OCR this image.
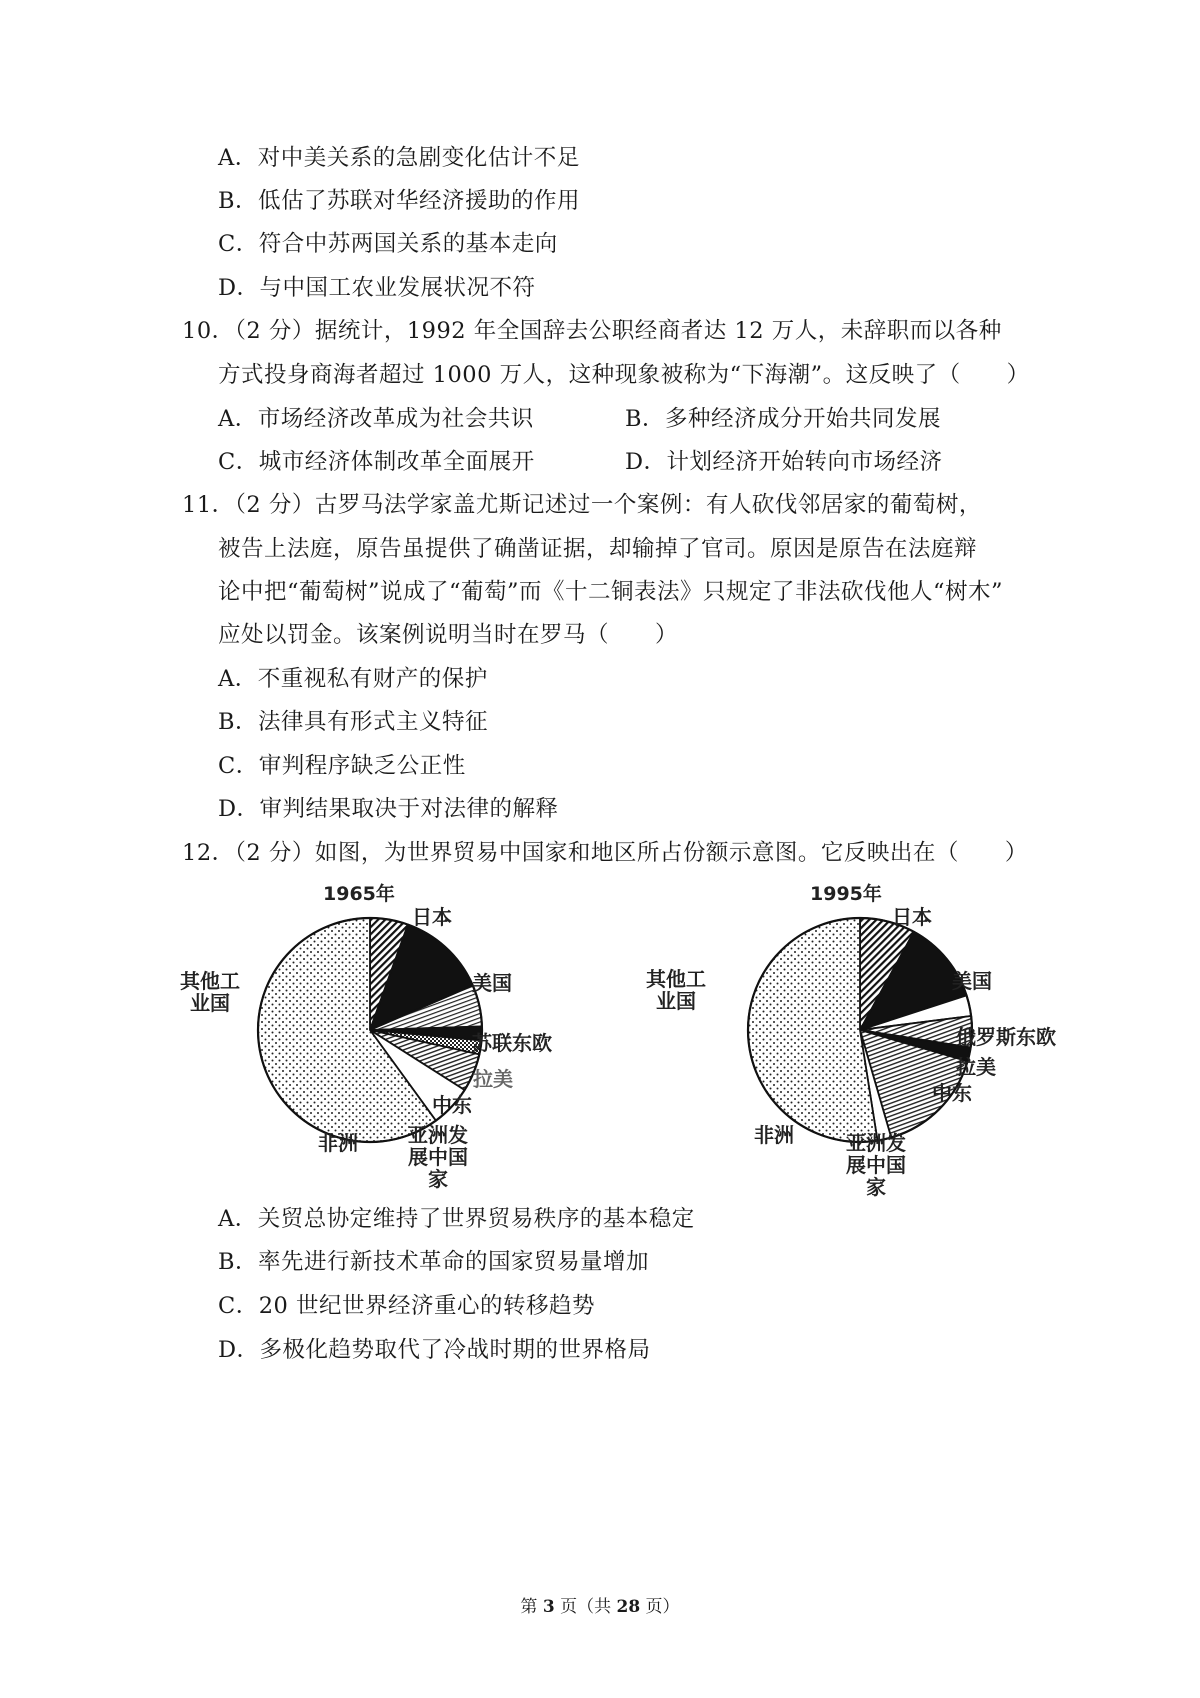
A．对中美关系的急剧变化估计不足
B．低估了苏联对华经济援助的作用
C．符合中苏两国关系的基本走向
D．与中国工农业发展状况不符
10．（2 分）据统计，1992 年全国辞去公职经商者达 12 万人，未辞职而以各种
方式投身商海者超过 1000 万人，这种现象被称为“下海潮”。这反映了（　　）
A．市场经济改革成为社会共识	B．多种经济成分开始共同发展
C．城市经济体制改革全面展开	D．计划经济开始转向市场经济
11．（2 分）古罗马法学家盖尤斯记述过一个案例：有人砍伐邻居家的葡萄树，
被告上法庭，原告虽提供了确凿证据，却输掉了官司。原因是原告在法庭辩
论中把“葡萄树”说成了“葡萄”而《十二铜表法》只规定了非法砍伐他人“树木”
应处以罚金。该案例说明当时在罗马（　　）
A．不重视私有财产的保护
B．法律具有形式主义特征
C．审判程序缺乏公正性
D．审判结果取决于对法律的解释
12．（2 分）如图，为世界贸易中国家和地区所占份额示意图。它反映出在（　　）
1965年
日本
美国
苏联东欧
拉美
中东
亚洲发展中国家
非洲
其他工业国
1995年
日本
美国
俄罗斯东欧
拉美
中东
亚洲发展中国家
非洲
其他工业国
A．关贸总协定维持了世界贸易秩序的基本稳定
B．率先进行新技术革命的国家贸易量增加
C．20 世纪世界经济重心的转移趋势
D．多极化趋势取代了冷战时期的世界格局
第 3 页（共 28 页）
